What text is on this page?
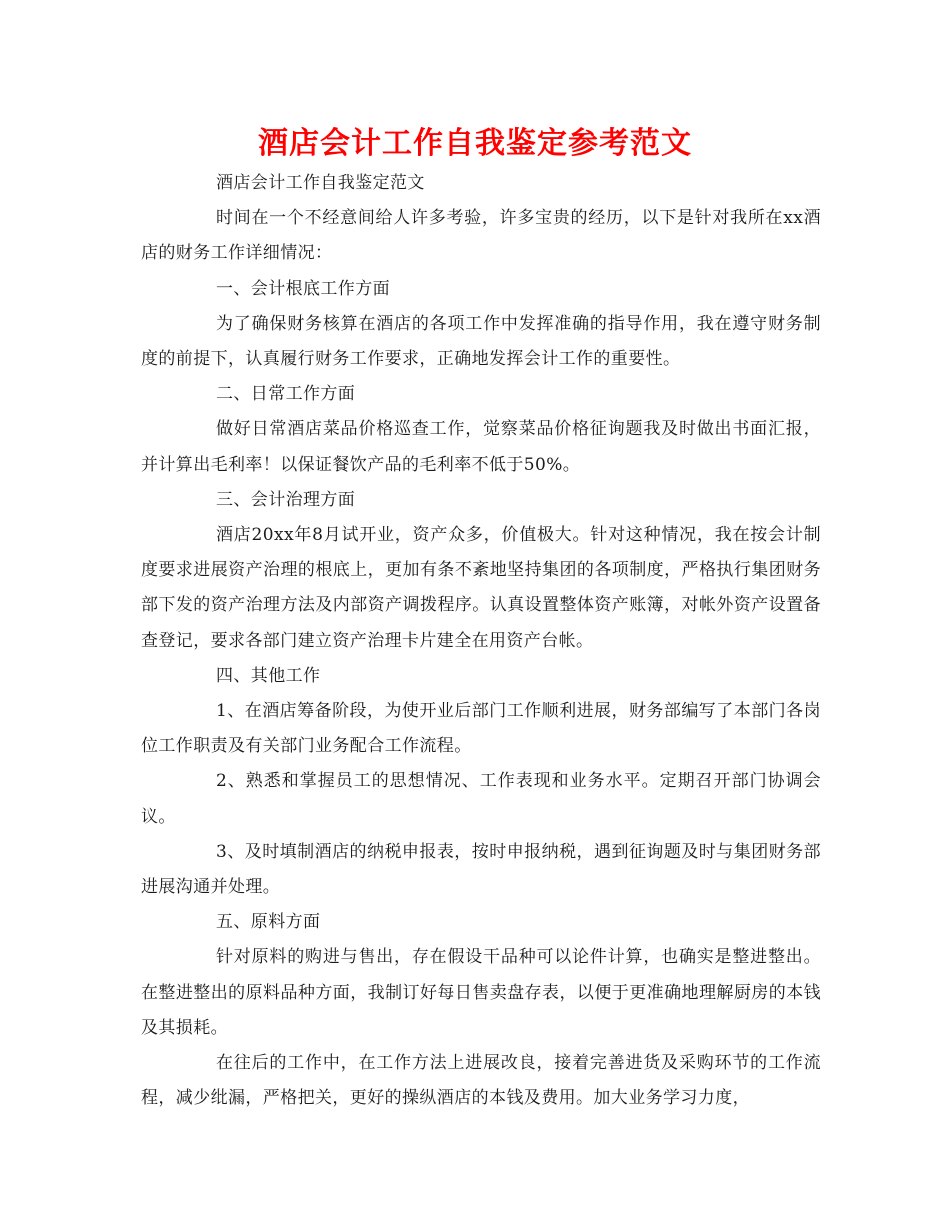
酒店会计工作自我鉴定参考范文

酒店会计工作自我鉴定范文

时间在一个不经意间给人许多考验，许多宝贵的经历，以下是针对我所在xx酒店的财务工作详细情况：

一、会计根底工作方面

为了确保财务核算在酒店的各项工作中发挥准确的指导作用，我在遵守财务制度的前提下，认真履行财务工作要求，正确地发挥会计工作的重要性。

二、日常工作方面

做好日常酒店菜品价格巡查工作，觉察菜品价格征询题我及时做出书面汇报，并计算出毛利率！以保证餐饮产品的毛利率不低于50%。

三、会计治理方面

酒店20xx年8月试开业，资产众多，价值极大。针对这种情况，我在按会计制度要求进展资产治理的根底上，更加有条不紊地坚持集团的各项制度，严格执行集团财务部下发的资产治理方法及内部资产调拨程序。认真设置整体资产账簿，对帐外资产设置备查登记，要求各部门建立资产治理卡片建全在用资产台帐。

四、其他工作

1、在酒店筹备阶段，为使开业后部门工作顺利进展，财务部编写了本部门各岗位工作职责及有关部门业务配合工作流程。

2、熟悉和掌握员工的思想情况、工作表现和业务水平。定期召开部门协调会议。

3、及时填制酒店的纳税申报表，按时申报纳税，遇到征询题及时与集团财务部进展沟通并处理。

五、原料方面

针对原料的购进与售出，存在假设干品种可以论件计算，也确实是整进整出。在整进整出的原料品种方面，我制订好每日售卖盘存表，以便于更准确地理解厨房的本钱及其损耗。

在往后的工作中，在工作方法上进展改良，接着完善进货及采购环节的工作流程，减少纰漏，严格把关，更好的操纵酒店的本钱及费用。加大业务学习力度，
